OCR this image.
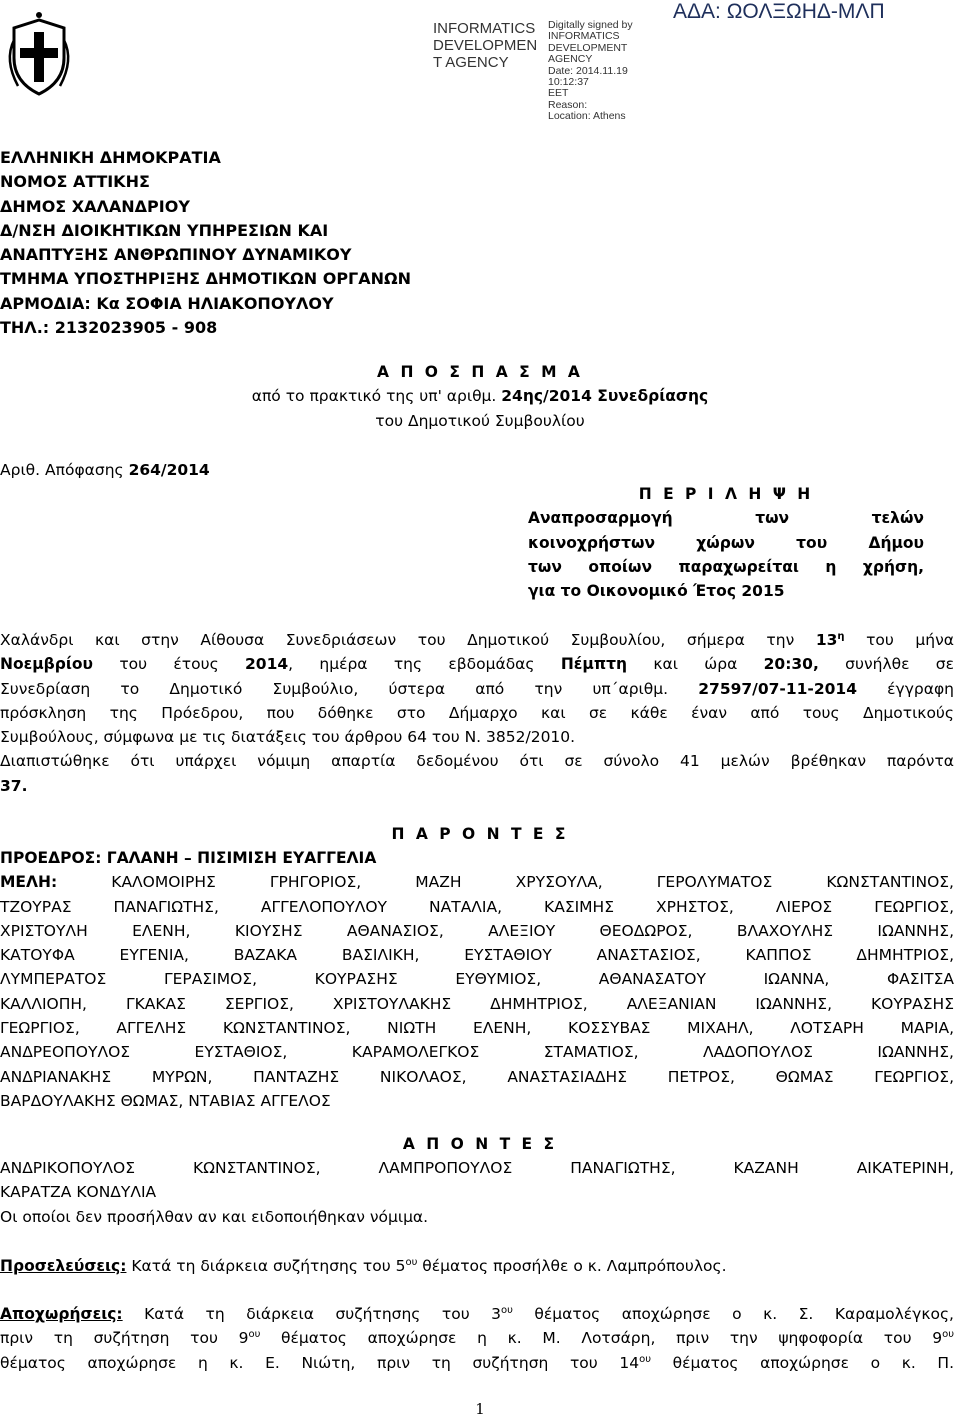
INFORMATICS DEVELOPMEN T AGENCY
Digitally signed by
INFORMATICS
DEVELOPMENT AGENCY
Date: 2014.11.19 10:12:37
EET
Reason:
Location: Athens
ΑΔΑ: ΩΟΛΞΩΗΔ-ΜΛΠ
ΕΛΛΗΝΙΚΗ ΔΗΜΟΚΡΑΤΙΑ
ΝΟΜΟΣ ΑΤΤΙΚΗΣ
ΔΗΜΟΣ ΧΑΛΑΝΔΡΙΟΥ
Δ/ΝΣΗ ΔΙΟΙΚΗΤΙΚΩΝ ΥΠΗΡΕΣΙΩΝ ΚΑΙ
ΑΝΑΠΤΥΞΗΣ ΑΝΘΡΩΠΙΝΟΥ ΔΥΝΑΜΙΚΟΥ
ΤΜΗΜΑ ΥΠΟΣΤΗΡΙΞΗΣ ΔΗΜΟΤΙΚΩΝ ΟΡΓΑΝΩΝ
ΑΡΜΟΔΙΑ: Κα ΣΟΦΙΑ ΗΛΙΑΚΟΠΟΥΛΟΥ
ΤΗΛ.: 2132023905 - 908
Α Π Ο Σ Π Α Σ Μ Α
από το πρακτικό της υπ' αριθμ. 24ης/2014 Συνεδρίασης
του Δημοτικού Συμβουλίου
Αριθ. Απόφασης 264/2014
Π Ε Ρ Ι Λ Η Ψ Η
Αναπροσαρμογή των τελών
κοινοχρήστων χώρων του Δήμου
των οποίων παραχωρείται η χρήση,
για το Οικονομικό Έτος 2015
Χαλάνδρι και στην Αίθουσα Συνεδριάσεων του Δημοτικού Συμβουλίου, σήμερα την $13^\eta$ του μήνα
Νοεμβρίου του έτους 2014, ημέρα της εβδομάδας Πέμπτη και ώρα 20:30, συνήλθε σε
Συνεδρίαση το Δημοτικό Συμβούλιο, ύστερα από την υπ΄αριθμ. 27597/07-11-2014 έγγραφη
πρόσκληση της Πρόεδρου, που δόθηκε στο Δήμαρχο και σε κάθε έναν από τους Δημοτικούς
Συμβούλους, σύμφωνα με τις διατάξεις του άρθρου 64 του Ν. 3852/2010.
Διαπιστώθηκε ότι υπάρχει νόμιμη απαρτία δεδομένου ότι σε σύνολο 41 μελών βρέθηκαν παρόντα
37.
Π Α Ρ Ο Ν Τ Ε Σ
ΠΡΟΕΔΡΟΣ: ΓΑΛΑΝΗ – ΠΙΣΙΜΙΣΗ ΕΥΑΓΓΕΛΙΑ
ΜΕΛΗ: ΚΑΛΟΜΟΙΡΗΣ ΓΡΗΓΟΡΙΟΣ, ΜΑΖΗ ΧΡΥΣΟΥΛΑ, ΓΕΡΟΛΥΜΑΤΟΣ ΚΩΝΣΤΑΝΤΙΝΟΣ,
ΤΖΟΥΡΑΣ ΠΑΝΑΓΙΩΤΗΣ, ΑΓΓΕΛΟΠΟΥΛΟΥ ΝΑΤΑΛΙΑ, ΚΑΣΙΜΗΣ ΧΡΗΣΤΟΣ, ΛΙΕΡΟΣ ΓΕΩΡΓΙΟΣ,
ΧΡΙΣΤΟΥΛΗ ΕΛΕΝΗ, ΚΙΟΥΣΗΣ ΑΘΑΝΑΣΙΟΣ, ΑΛΕΞΙΟΥ ΘΕΟΔΩΡΟΣ, ΒΛΑΧΟΥΛΗΣ ΙΩΑΝΝΗΣ,
ΚΑΤΟΥΦΑ ΕΥΓΕΝΙΑ, ΒΑΖΑΚΑ ΒΑΣΙΛΙΚΗ, ΕΥΣΤΑΘΙΟΥ ΑΝΑΣΤΑΣΙΟΣ, ΚΑΠΠΟΣ ΔΗΜΗΤΡΙΟΣ,
ΛΥΜΠΕΡΑΤΟΣ ΓΕΡΑΣΙΜΟΣ, ΚΟΥΡΑΣΗΣ ΕΥΘΥΜΙΟΣ, ΑΘΑΝΑΣΑΤΟΥ ΙΩΑΝΝΑ, ΦΑΣΙΤΣΑ
ΚΑΛΛΙΟΠΗ, ΓΚΑΚΑΣ ΣΕΡΓΙΟΣ, ΧΡΙΣΤΟΥΛΑΚΗΣ ΔΗΜΗΤΡΙΟΣ, ΑΛΕΞΑΝΙΑΝ ΙΩΑΝΝΗΣ, ΚΟΥΡΑΣΗΣ
ΓΕΩΡΓΙΟΣ, ΑΓΓΕΛΗΣ ΚΩΝΣΤΑΝΤΙΝΟΣ, ΝΙΩΤΗ ΕΛΕΝΗ, ΚΟΣΣΥΒΑΣ ΜΙΧΑΗΛ, ΛΟΤΣΑΡΗ ΜΑΡΙΑ,
ΑΝΔΡΕΟΠΟΥΛΟΣ ΕΥΣΤΑΘΙΟΣ, ΚΑΡΑΜΟΛΕΓΚΟΣ ΣΤΑΜΑΤΙΟΣ, ΛΑΔΟΠΟΥΛΟΣ ΙΩΑΝΝΗΣ,
ΑΝΔΡΙΑΝΑΚΗΣ ΜΥΡΩΝ, ΠΑΝΤΑΖΗΣ ΝΙΚΟΛΑΟΣ, ΑΝΑΣΤΑΣΙΑΔΗΣ ΠΕΤΡΟΣ, ΘΩΜΑΣ ΓΕΩΡΓΙΟΣ,
ΒΑΡΔΟΥΛΑΚΗΣ ΘΩΜΑΣ, ΝΤΑΒΙΑΣ ΑΓΓΕΛΟΣ
Α Π Ο Ν Τ Ε Σ
ΑΝΔΡΙΚΟΠΟΥΛΟΣ ΚΩΝΣΤΑΝΤΙΝΟΣ, ΛΑΜΠΡΟΠΟΥΛΟΣ ΠΑΝΑΓΙΩΤΗΣ, ΚΑΖΑΝΗ ΑΙΚΑΤΕΡΙΝΗ,
ΚΑΡΑΤΖΑ ΚΟΝΔΥΛΙΑ
Οι οποίοι δεν προσήλθαν αν και ειδοποιήθηκαν νόμιμα.
Προσελεύσεις: Κατά τη διάρκεια συζήτησης του $5^{o\upsilon}$ θέματος προσήλθε ο κ. Λαμπρόπουλος.
Αποχωρήσεις: Κατά τη διάρκεια συζήτησης του $3^{o\upsilon}$ θέματος αποχώρησε ο κ. Σ. Καραμολέγκος,
πριν τη συζήτηση του $9^{o\upsilon}$ θέματος αποχώρησε η κ. Μ. Λοτσάρη, πριν την ψηφοφορία του $9^{o\upsilon}$
θέματος αποχώρησε η κ. Ε. Νιώτη, πριν τη συζήτηση του $14^{o\upsilon}$ θέματος αποχώρησε ο κ. Π.
1
